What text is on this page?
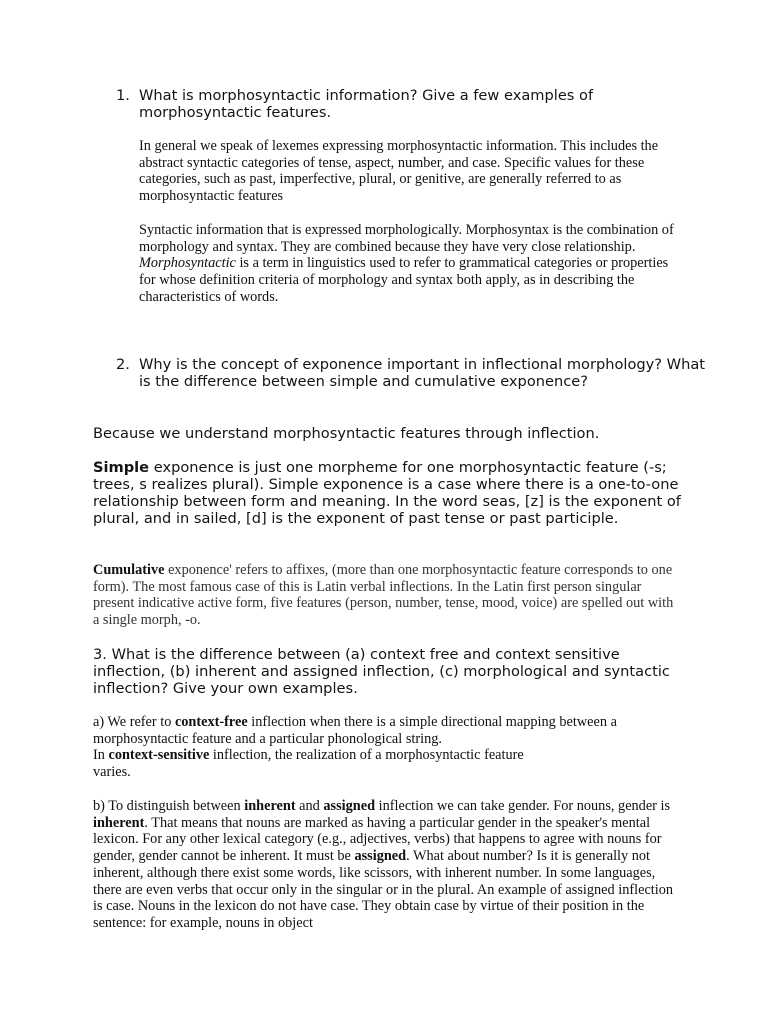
1. What is morphosyntactic information? Give a few examples of morphosyntactic features.

In general we speak of lexemes expressing morphosyntactic information. This includes the abstract syntactic categories of tense, aspect, number, and case. Specific values for these categories, such as past, imperfective, plural, or genitive, are generally referred to as morphosyntactic features

Syntactic information that is expressed morphologically. Morphosyntax is the combination of morphology and syntax. They are combined because they have very close relationship. Morphosyntactic is a term in linguistics used to refer to grammatical categories or properties for whose definition criteria of morphology and syntax both apply, as in describing the characteristics of words.

2. Why is the concept of exponence important in inflectional morphology? What is the difference between simple and cumulative exponence?

Because we understand morphosyntactic features through inflection.

Simple exponence is just one morpheme for one morphosyntactic feature (-s; trees, s realizes plural). Simple exponence is a case where there is a one-to-one relationship between form and meaning. In the word seas, [z] is the exponent of plural, and in sailed, [d] is the exponent of past tense or past participle.

Cumulative exponence' refers to affixes, (more than one morphosyntactic feature corresponds to one form). The most famous case of this is Latin verbal inflections. In the Latin first person singular present indicative active form, five features (person, number, tense, mood, voice) are spelled out with a single morph, -o.

3. What is the difference between (a) context free and context sensitive inflection, (b) inherent and assigned inflection, (c) morphological and syntactic inflection? Give your own examples.

a) We refer to context-free inflection when there is a simple directional mapping between a morphosyntactic feature and a particular phonological string.
In context-sensitive inflection, the realization of a morphosyntactic feature
varies.

b) To distinguish between inherent and assigned inflection we can take gender. For nouns, gender is inherent. That means that nouns are marked as having a particular gender in the speaker's mental lexicon. For any other lexical category (e.g., adjectives, verbs) that happens to agree with nouns for gender, gender cannot be inherent. It must be assigned. What about number? Is it is generally not inherent, although there exist some words, like scissors, with inherent number. In some languages, there are even verbs that occur only in the singular or in the plural. An example of assigned inflection is case. Nouns in the lexicon do not have case. They obtain case by virtue of their position in the sentence: for example, nouns in object
